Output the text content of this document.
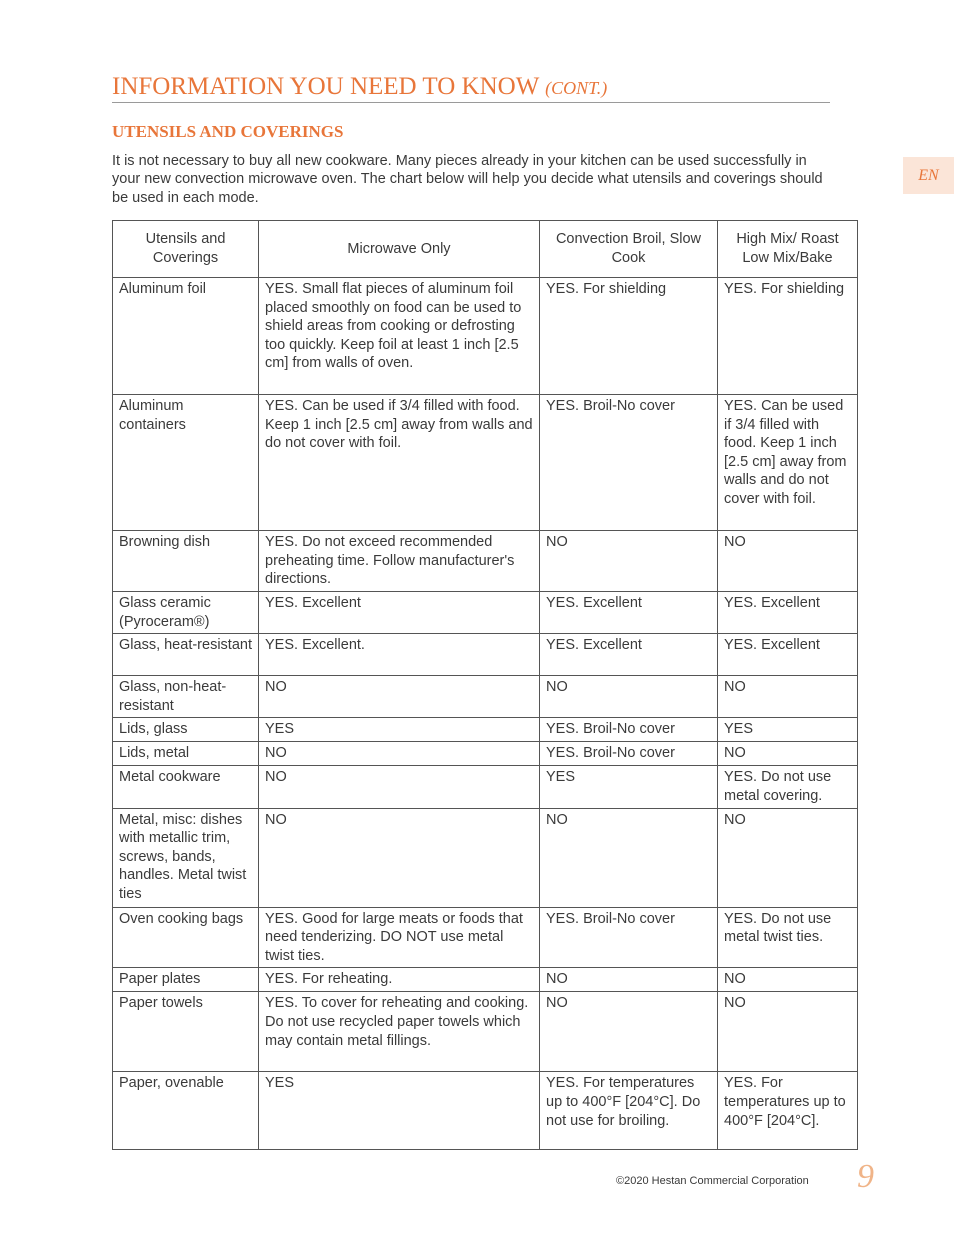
INFORMATION YOU NEED TO KNOW (CONT.)
UTENSILS AND COVERINGS
It is not necessary to buy all new cookware. Many pieces already in your kitchen can be used successfully in your new convection microwave oven. The chart below will help you decide what utensils and coverings should be used in each mode.
EN
Utensils and Coverings	Microwave Only	Convection Broil, Slow Cook	High Mix/ Roast Low Mix/Bake
Aluminum foil	YES. Small flat pieces of aluminum foil placed smoothly on food can be used to shield areas from cooking or defrosting too quickly. Keep foil at least 1 inch [2.5 cm] from walls of oven.	YES. For shielding	YES. For shielding
Aluminum containers	YES. Can be used if 3/4 filled with food. Keep 1 inch [2.5 cm] away from walls and do not cover with foil.	YES. Broil-No cover	YES. Can be used if 3/4 filled with food. Keep 1 inch [2.5 cm] away from walls and do not cover with foil.
Browning dish	YES. Do not exceed recommended preheating time. Follow manufacturer's directions.	NO	NO
Glass ceramic (Pyroceram®)	YES. Excellent	YES. Excellent	YES. Excellent
Glass, heat-resistant	YES. Excellent.	YES. Excellent	YES. Excellent
Glass, non-heat-resistant	NO	NO	NO
Lids, glass	YES	YES. Broil-No cover	YES
Lids, metal	NO	YES. Broil-No cover	NO
Metal cookware	NO	YES	YES. Do not use metal covering.
Metal, misc: dishes with metallic trim, screws, bands, handles. Metal twist ties	NO	NO	NO
Oven cooking bags	YES. Good for large meats or foods that need tenderizing. DO NOT use metal twist ties.	YES. Broil-No cover	YES. Do not use metal twist ties.
Paper plates	YES. For reheating.	NO	NO
Paper towels	YES. To cover for reheating and cooking. Do not use recycled paper towels which may contain metal fillings.	NO	NO
Paper, ovenable	YES	YES. For temperatures up to 400°F [204°C]. Do not use for broiling.	YES. For temperatures up to 400°F [204°C].
©2020 Hestan Commercial Corporation 9
